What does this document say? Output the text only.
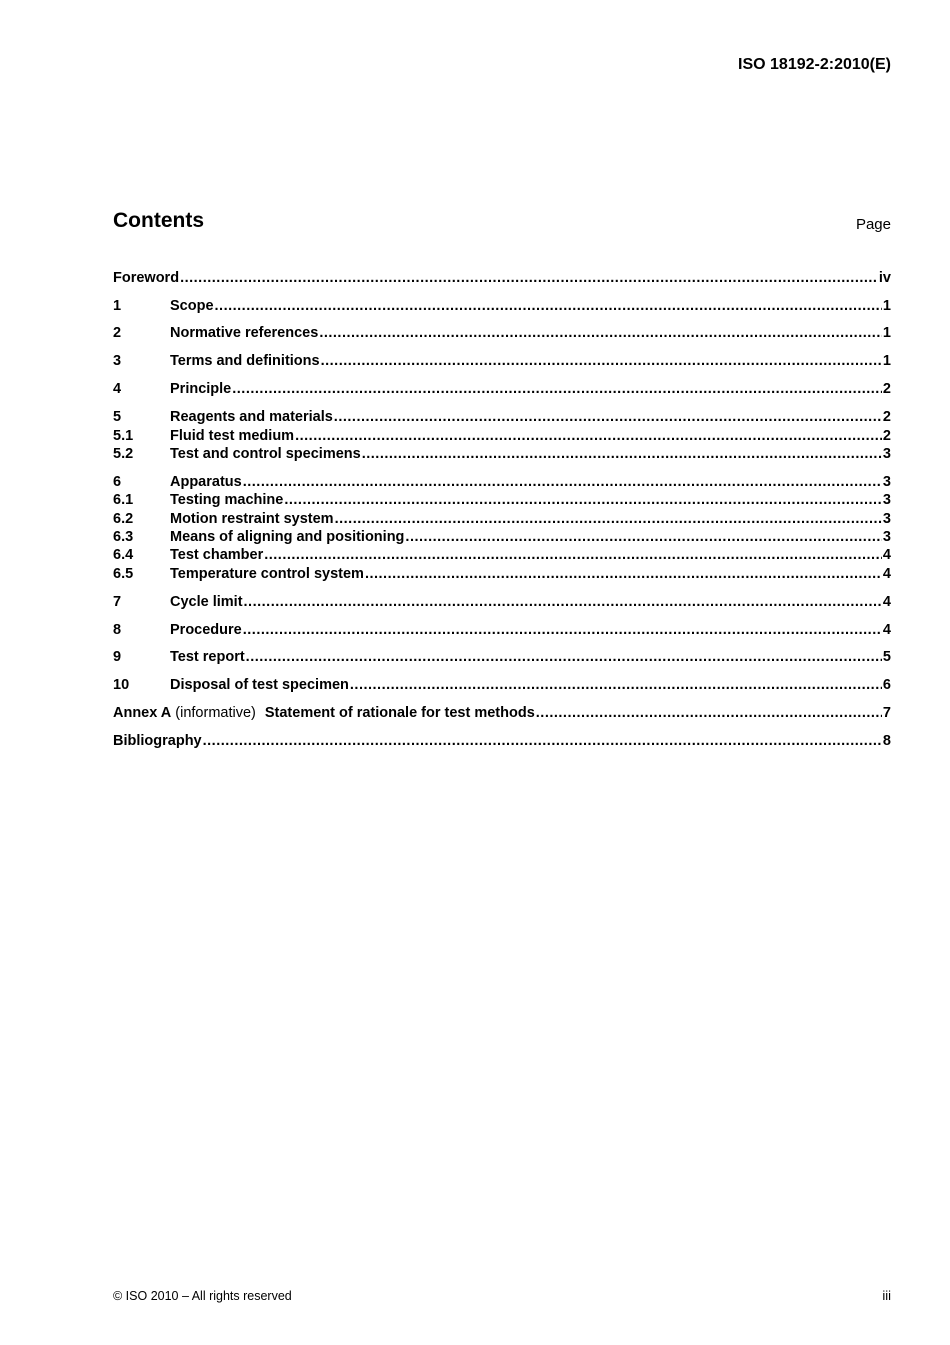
ISO 18192-2:2010(E)
Contents	Page
Foreword .....	iv
1	Scope .....	1
2	Normative references .....	1
3	Terms and definitions .....	1
4	Principle .....	2
5	Reagents and materials .....	2
5.1	Fluid test medium .....	2
5.2	Test and control specimens .....	3
6	Apparatus .....	3
6.1	Testing machine .....	3
6.2	Motion restraint system .....	3
6.3	Means of aligning and positioning .....	3
6.4	Test chamber .....	4
6.5	Temperature control system .....	4
7	Cycle limit .....	4
8	Procedure .....	4
9	Test report .....	5
10	Disposal of test specimen .....	6
Annex A (informative) Statement of rationale for test methods .....	7
Bibliography .....	8
© ISO 2010 – All rights reserved	iii
